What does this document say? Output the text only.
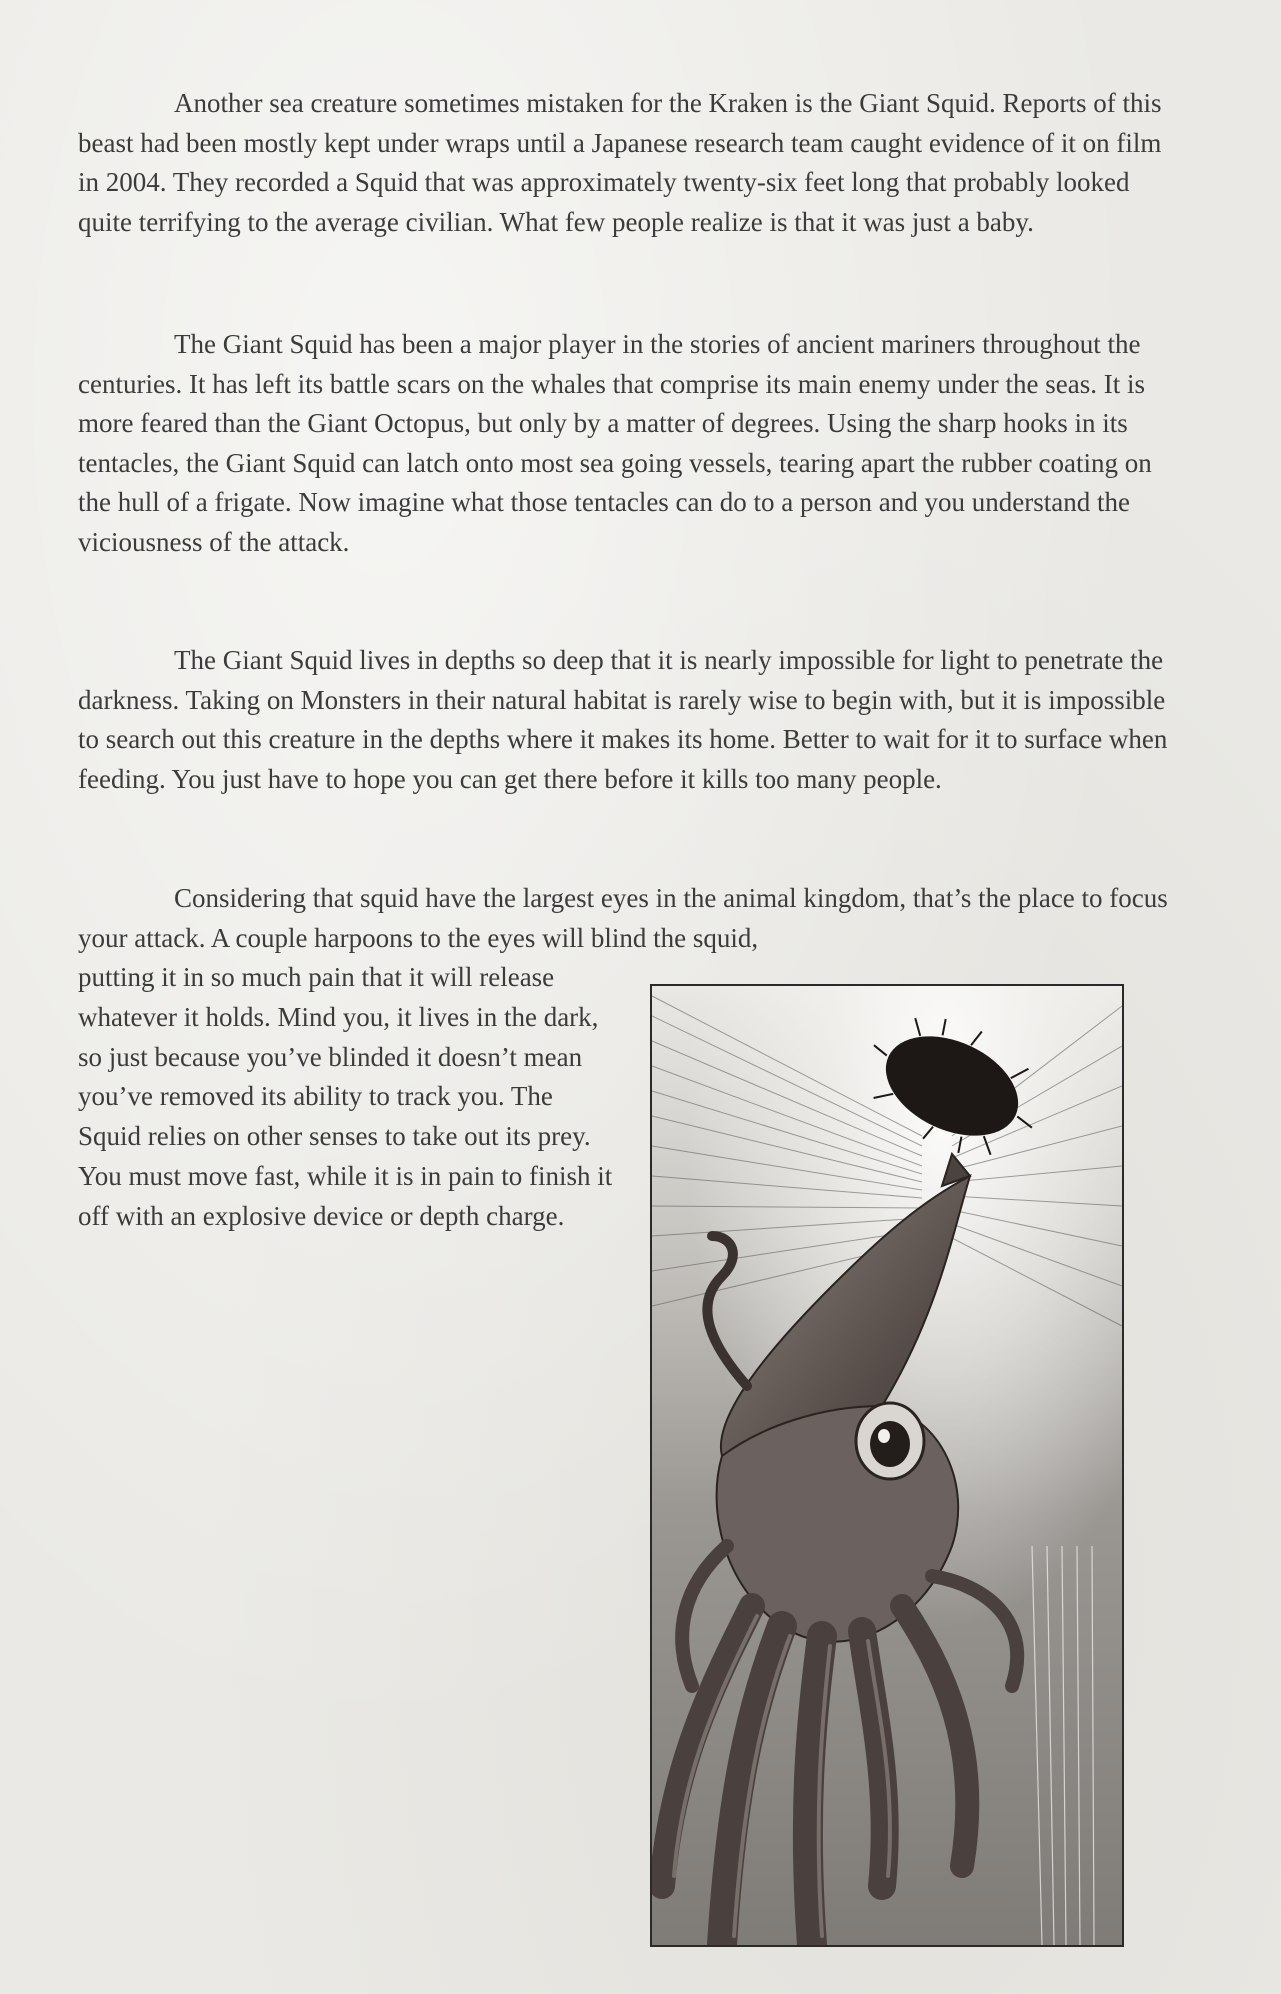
Another sea creature sometimes mistaken for the Kraken is the Giant Squid. Reports of this beast had been mostly kept under wraps until a Japanese research team caught evidence of it on film in 2004. They recorded a Squid that was approximately twenty-six feet long that probably looked quite terrifying to the average civilian. What few people realize is that it was just a baby.

The Giant Squid has been a major player in the stories of ancient mariners throughout the centuries. It has left its battle scars on the whales that comprise its main enemy under the seas. It is more feared than the Giant Octopus, but only by a matter of degrees. Using the sharp hooks in its tentacles, the Giant Squid can latch onto most sea going vessels, tearing apart the rubber coating on the hull of a frigate. Now imagine what those tentacles can do to a person and you understand the viciousness of the attack.

The Giant Squid lives in depths so deep that it is nearly impossible for light to penetrate the darkness. Taking on Monsters in their natural habitat is rarely wise to begin with, but it is impossible to search out this creature in the depths where it makes its home. Better to wait for it to surface when feeding. You just have to hope you can get there before it kills too many people.

Considering that squid have the largest eyes in the animal kingdom, that’s the place to focus your attack. A couple harpoons to the eyes will blind the squid,

putting it in so much pain that it will release whatever it holds. Mind you, it lives in the dark, so just because you’ve blinded it doesn’t mean you’ve removed its ability to track you. The Squid relies on other senses to take out its prey. You must move fast, while it is in pain to finish it off with an explosive device or depth charge.
